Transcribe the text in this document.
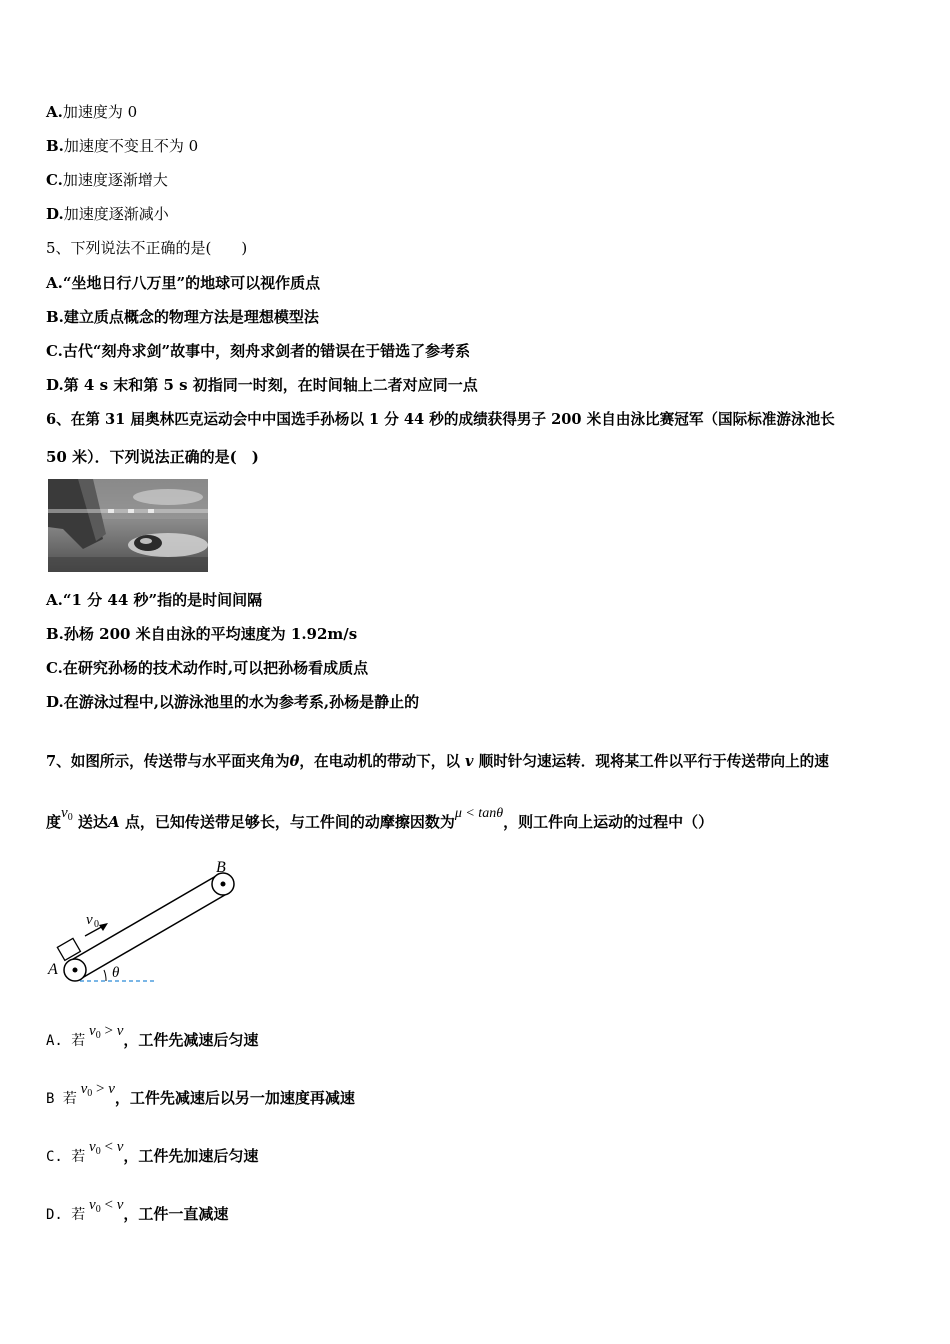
A.加速度为 0
B.加速度不变且不为 0
C.加速度逐渐增大
D.加速度逐渐减小
5、下列说法不正确的是(　　)
A.“坐地日行八万里”的地球可以视作质点
B.建立质点概念的物理方法是理想模型法
C.古代“刻舟求剑”故事中，刻舟求剑者的错误在于错选了参考系
D.第 4 s 末和第 5 s 初指同一时刻，在时间轴上二者对应同一点
6、在第 31 届奥林匹克运动会中中国选手孙杨以 1 分 44 秒的成绩获得男子 200 米自由泳比赛冠军（国际标准游泳池长
50 米）．下列说法正确的是(　)
A.“1 分 44 秒”指的是时间间隔
B.孙杨 200 米自由泳的平均速度为 1.92m/s
C.在研究孙杨的技术动作时,可以把孙杨看成质点
D.在游泳过程中,以游泳池里的水为参考系,孙杨是静止的
7、如图所示，传送带与水平面夹角为θ，在电动机的带动下，以 v 顺时针匀速运转．现将某工件以平行于传送带向上的速
度$v_0$ 送达A 点，已知传送带足够长，与工件间的动摩擦因数为μ < tanθ，则工件向上运动的过程中（）
A
B
θ
v 0
A. 若 $v_0 > v$，工件先减速后匀速
B 若 $v_0 > v$，工件先减速后以另一加速度再减速
C. 若 $v_0 < v$，工件先加速后匀速
D. 若 $v_0 < v$，工件一直减速
